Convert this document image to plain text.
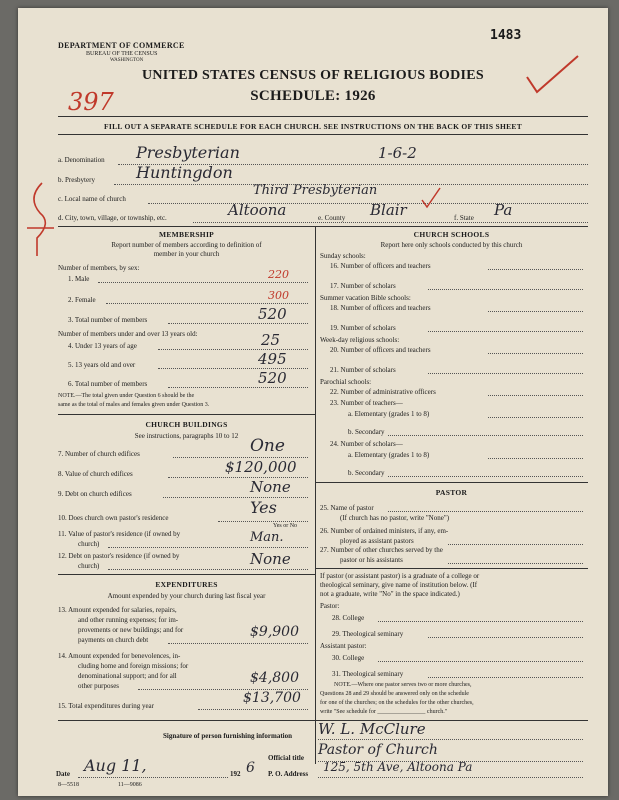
DEPARTMENT OF COMMERCE
BUREAU OF THE CENSUS
WASHINGTON
1483
UNITED STATES CENSUS OF RELIGIOUS BODIES
SCHEDULE: 1926
397
FILL OUT A SEPARATE SCHEDULE FOR EACH CHURCH. SEE INSTRUCTIONS ON THE BACK OF THIS SHEET
a. Denomination Presbyterian	1-6-2
b. Presbytery	Huntingdon
c. Local name of church
Third Presbyterian
d. City, town, village, or township, etc.	Altoona	e. County Blair	f. State Pa
MEMBERSHIP
Report number of members according to definition of
member in your church
Number of members, by sex:
1. Male	220
2. Female	300
3. Total number of members	520
Number of members under and over 13 years old:
4. Under 13 years of age	25
5. 13 years old and over	495
6. Total number of members	520
NOTE.—The total given under Question 6 should be the
same as the total of males and females given under Question 3.
CHURCH BUILDINGS
See instructions, paragraphs 10 to 12
7. Number of church edifices	One
8. Value of church edifices	$120,000
9. Debt on church edifices	None
10. Does church own pastor's residence
Yes
Yes or No
11. Value of pastor's residence (if owned by
church)	Man.
12. Debt on pastor's residence (if owned by
church)	None
EXPENDITURES
Amount expended by your church during last fiscal year
13. Amount expended for salaries, repairs,
and other running expenses; for im-
provements or new buildings; and for
payments on church debt	$9,900
14. Amount expended for benevolences, in-
cluding home and foreign missions; for
denominational support; and for all
other purposes	$4,800
15. Total expenditures during year	$13,700
CHURCH SCHOOLS
Report here only schools conducted by this church
Sunday schools:
16. Number of officers and teachers
17. Number of scholars
Summer vacation Bible schools:
18. Number of officers and teachers
19. Number of scholars
Week-day religious schools:
20. Number of officers and teachers
21. Number of scholars
Parochial schools:
22. Number of administrative officers
23. Number of teachers—
a. Elementary (grades 1 to 8)
b. Secondary
24. Number of scholars—
a. Elementary (grades 1 to 8)
b. Secondary
PASTOR
25. Name of pastor
(If church has no pastor, write "None")
26. Number of ordained ministers, if any, em-
ployed as assistant pastors
27. Number of other churches served by the
pastor or his assistants
If pastor (or assistant pastor) is a graduate of a college or
theological seminary, give name of institution below. (If
not a graduate, write "No" in the space indicated.)
Pastor:
28. College
29. Theological seminary
Assistant pastor:
30. College
31. Theological seminary
NOTE.—Where one pastor serves two or more churches,
Questions 28 and 29 should be answered only on the schedule
for one of the churches; on the schedules for the other churches,
write "See schedule for ________________ church."
Signature of person furnishing information W. L. McClure
Official title Pastor of Church
Date Aug 11,	192 6 P. O. Address 125, 5th Ave, Altoona Pa
8—5518	11—9086
